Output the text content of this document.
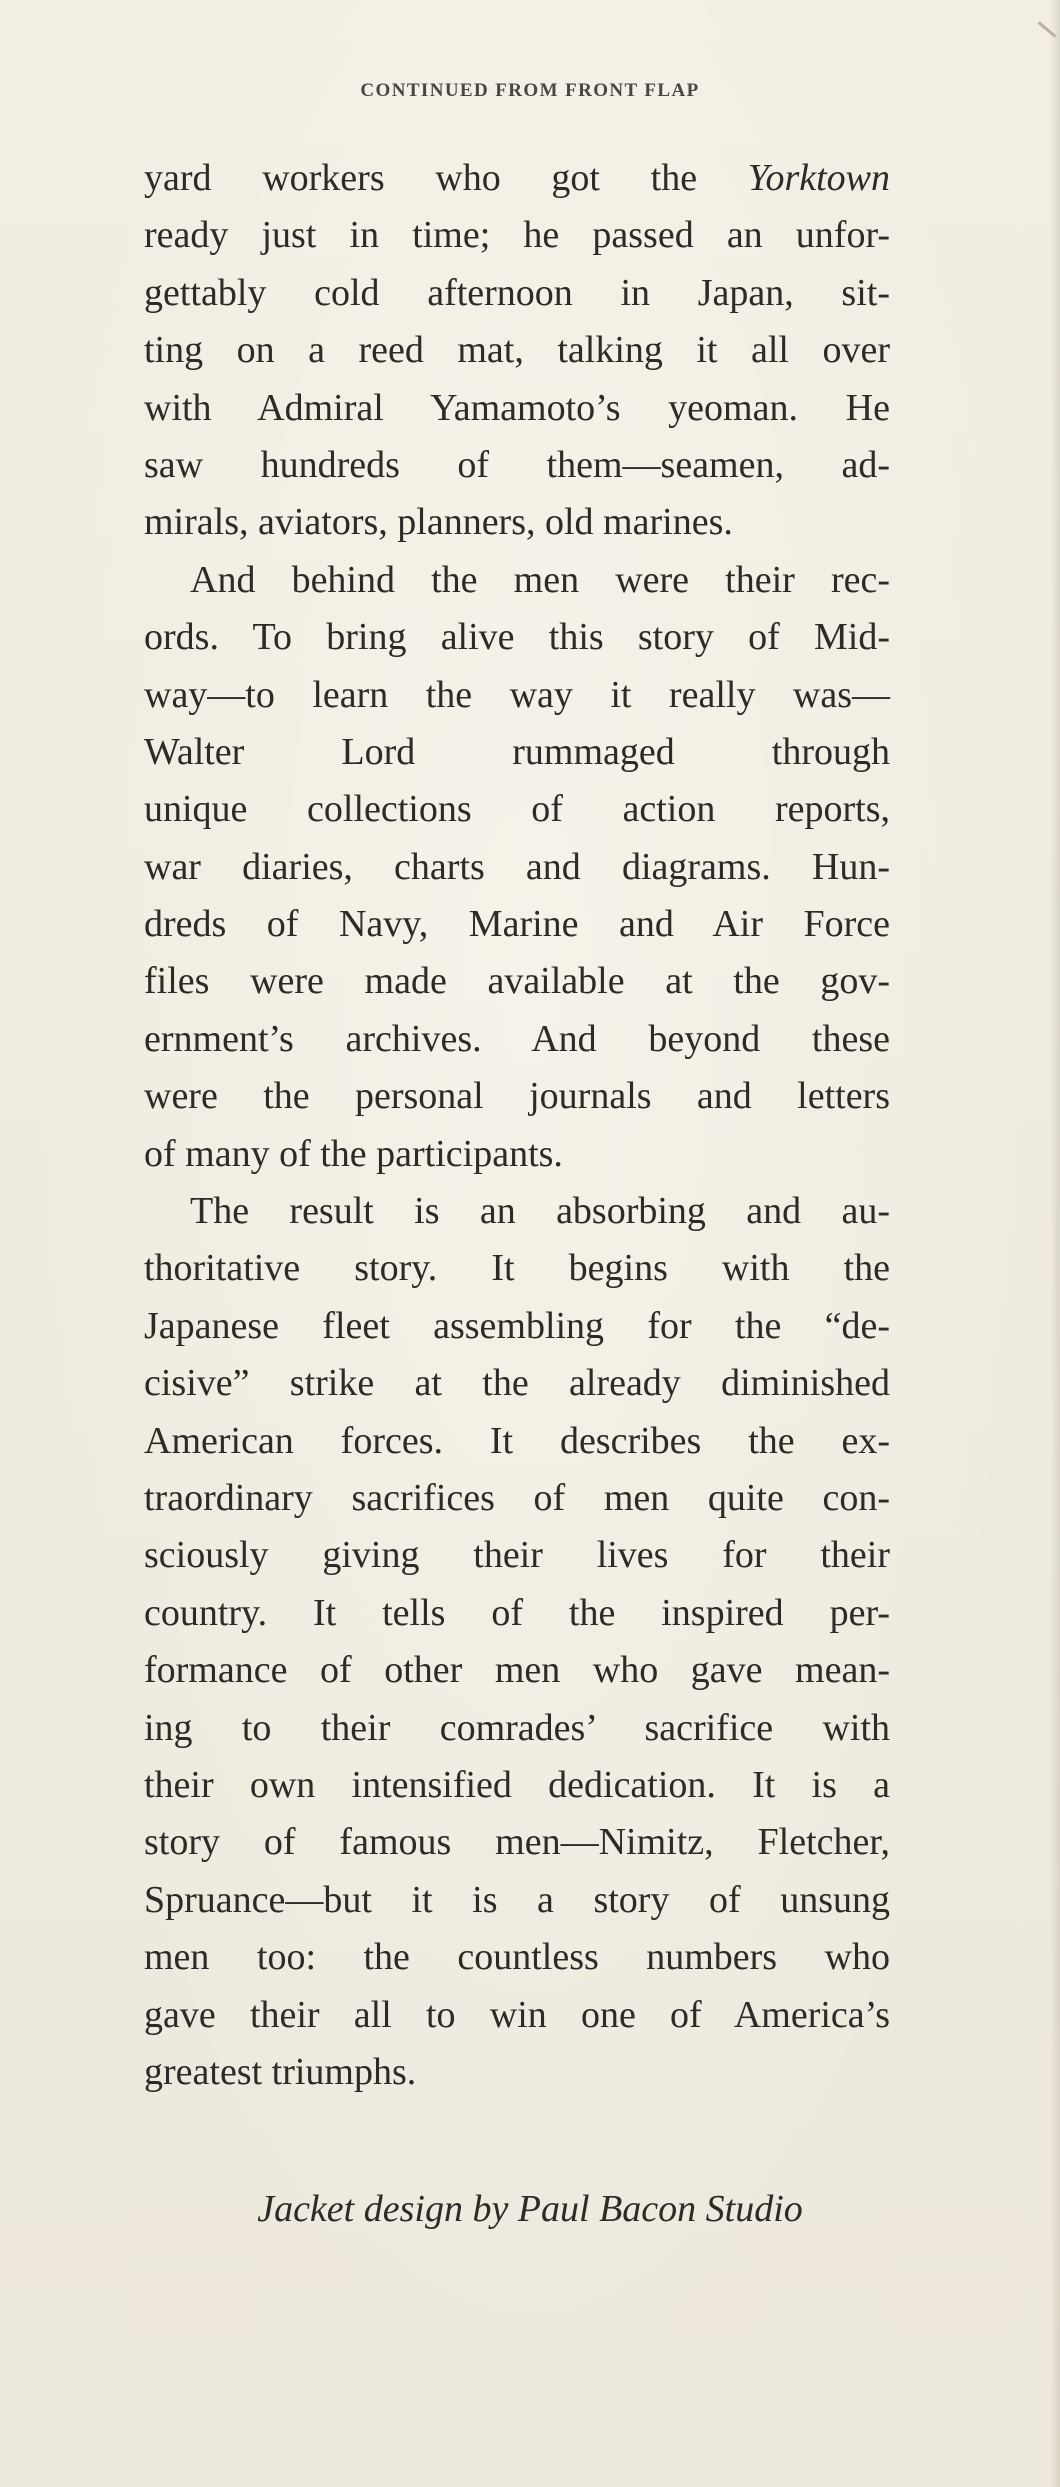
CONTINUED FROM FRONT FLAP
yard workers who got the Yorktown
ready just in time; he passed an unfor-
gettably cold afternoon in Japan, sit-
ting on a reed mat, talking it all over
with Admiral Yamamoto’s yeoman. He
saw hundreds of them—seamen, ad-
mirals, aviators, planners, old marines.
And behind the men were their rec-
ords. To bring alive this story of Mid-
way—to learn the way it really was—
Walter Lord rummaged through
unique collections of action reports,
war diaries, charts and diagrams. Hun-
dreds of Navy, Marine and Air Force
files were made available at the gov-
ernment’s archives. And beyond these
were the personal journals and letters
of many of the participants.
The result is an absorbing and au-
thoritative story. It begins with the
Japanese fleet assembling for the “de-
cisive” strike at the already diminished
American forces. It describes the ex-
traordinary sacrifices of men quite con-
sciously giving their lives for their
country. It tells of the inspired per-
formance of other men who gave mean-
ing to their comrades’ sacrifice with
their own intensified dedication. It is a
story of famous men—Nimitz, Fletcher,
Spruance—but it is a story of unsung
men too: the countless numbers who
gave their all to win one of America’s
greatest triumphs.
Jacket design by Paul Bacon Studio
